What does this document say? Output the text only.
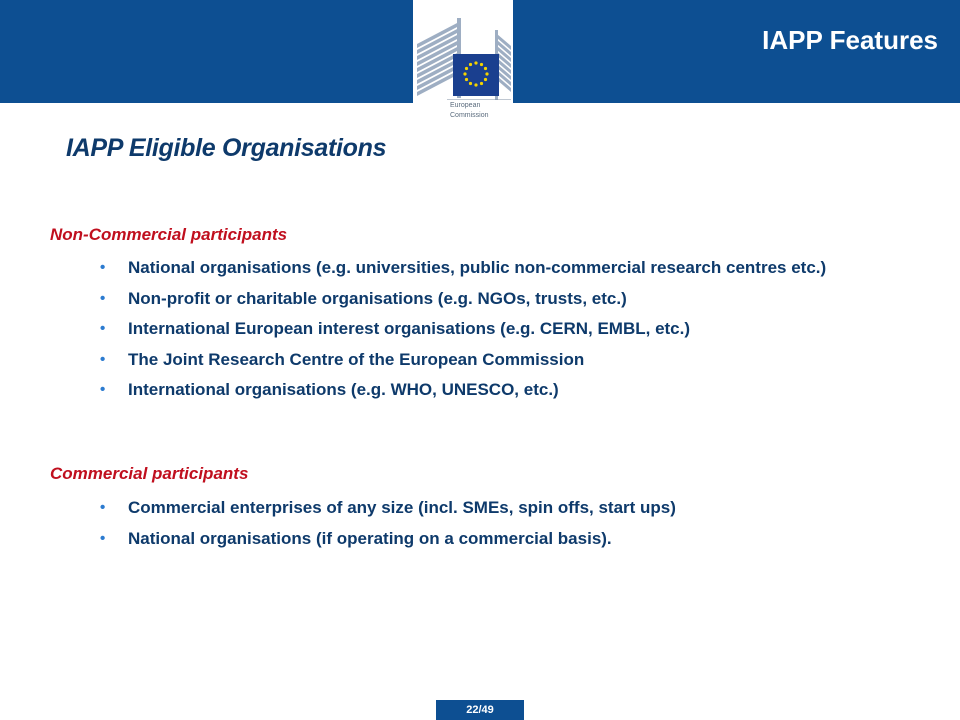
European
Commission
IAPP Features
IAPP Eligible Organisations
Non-Commercial participants
• National organisations (e.g. universities, public non-commercial research centres etc.)
• Non-profit or charitable organisations (e.g. NGOs, trusts, etc.)
• International European interest organisations (e.g. CERN, EMBL, etc.)
• The Joint Research Centre of the European Commission
• International organisations (e.g. WHO, UNESCO, etc.)
Commercial participants
• Commercial enterprises of any size (incl. SMEs, spin offs, start ups)
• National organisations (if operating on a commercial basis).
22/49
